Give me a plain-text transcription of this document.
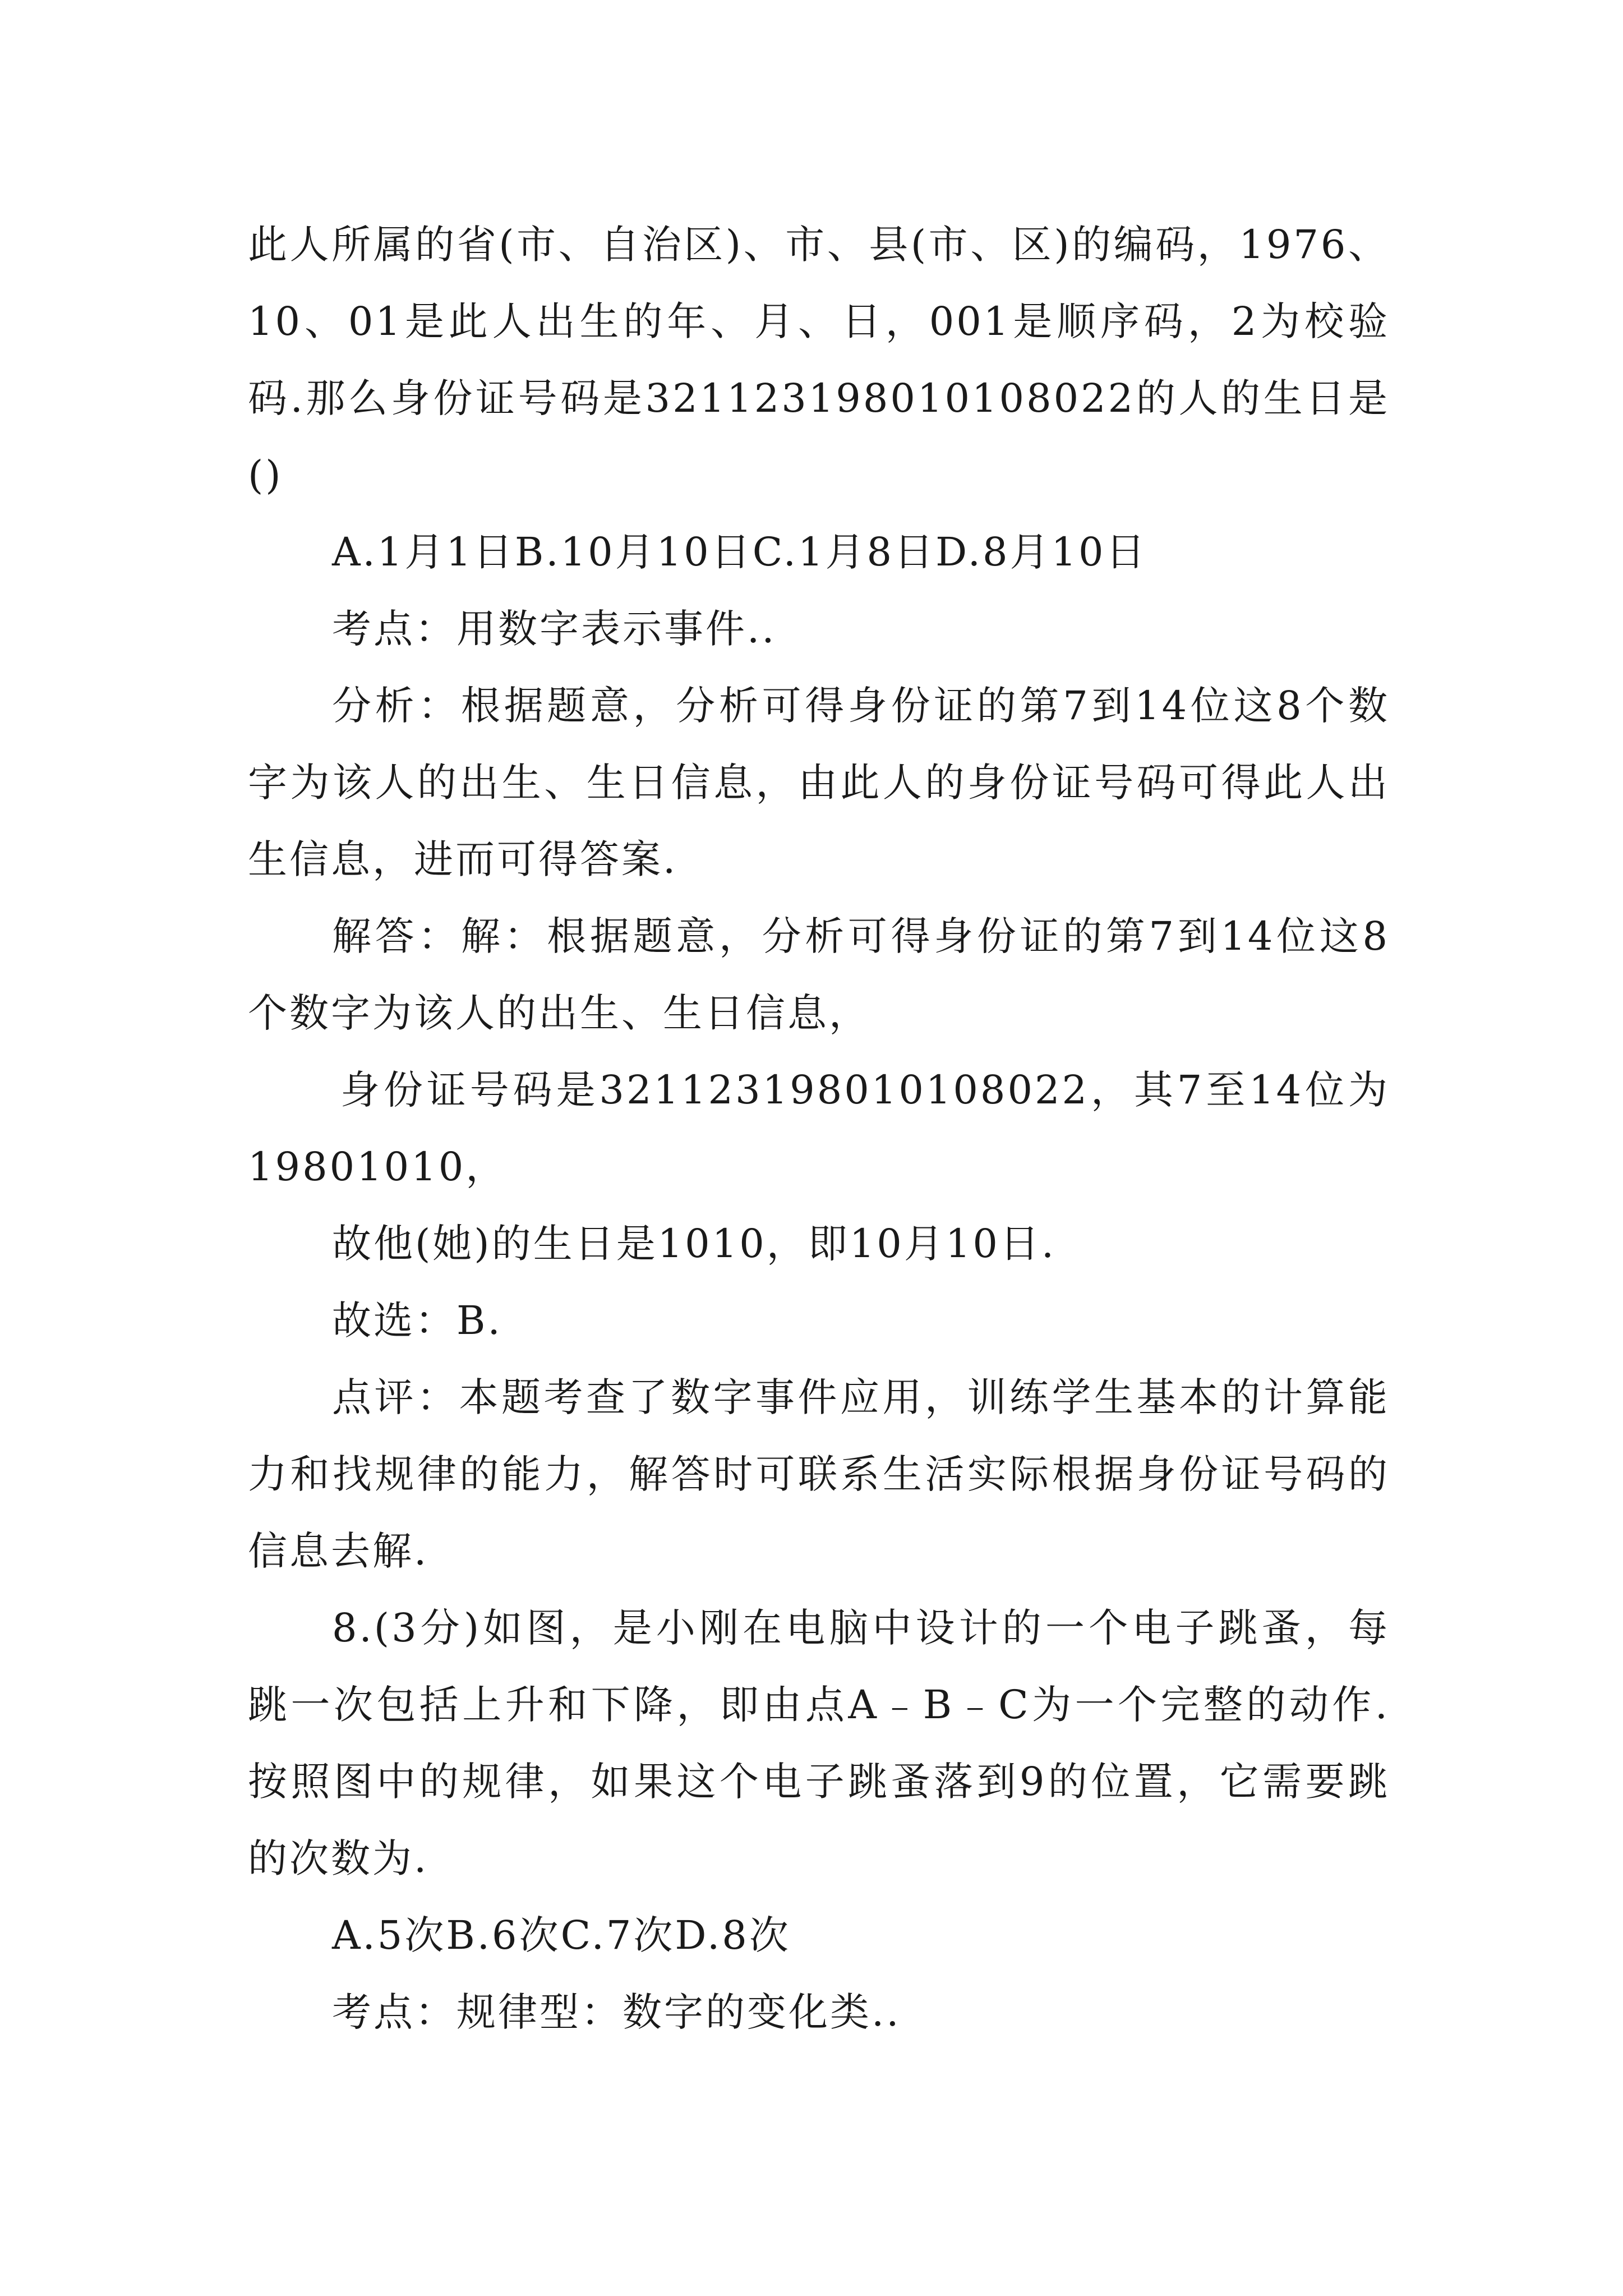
此人所属的省(市、自治区)、市、县(市、区)的编码，1976、10、01是此人出生的年、月、日，001是顺序码，2为校验码.那么身份证号码是321123198010108022的人的生日是()

A.1月1日B.10月10日C.1月8日D.8月10日

考点：用数字表示事件..

分析：根据题意，分析可得身份证的第7到14位这8个数字为该人的出生、生日信息，由此人的身份证号码可得此人出生信息，进而可得答案.

解答：解：根据题意，分析可得身份证的第7到14位这8个数字为该人的出生、生日信息，

身份证号码是321123198010108022，其7至14位为19801010，

故他(她)的生日是1010，即10月10日.

故选：B.

点评：本题考查了数字事件应用，训练学生基本的计算能力和找规律的能力，解答时可联系生活实际根据身份证号码的信息去解.

8.(3分)如图，是小刚在电脑中设计的一个电子跳蚤，每跳一次包括上升和下降，即由点A﹣B﹣C为一个完整的动作.按照图中的规律，如果这个电子跳蚤落到9的位置，它需要跳的次数为.

A.5次B.6次C.7次D.8次

考点：规律型：数字的变化类..
